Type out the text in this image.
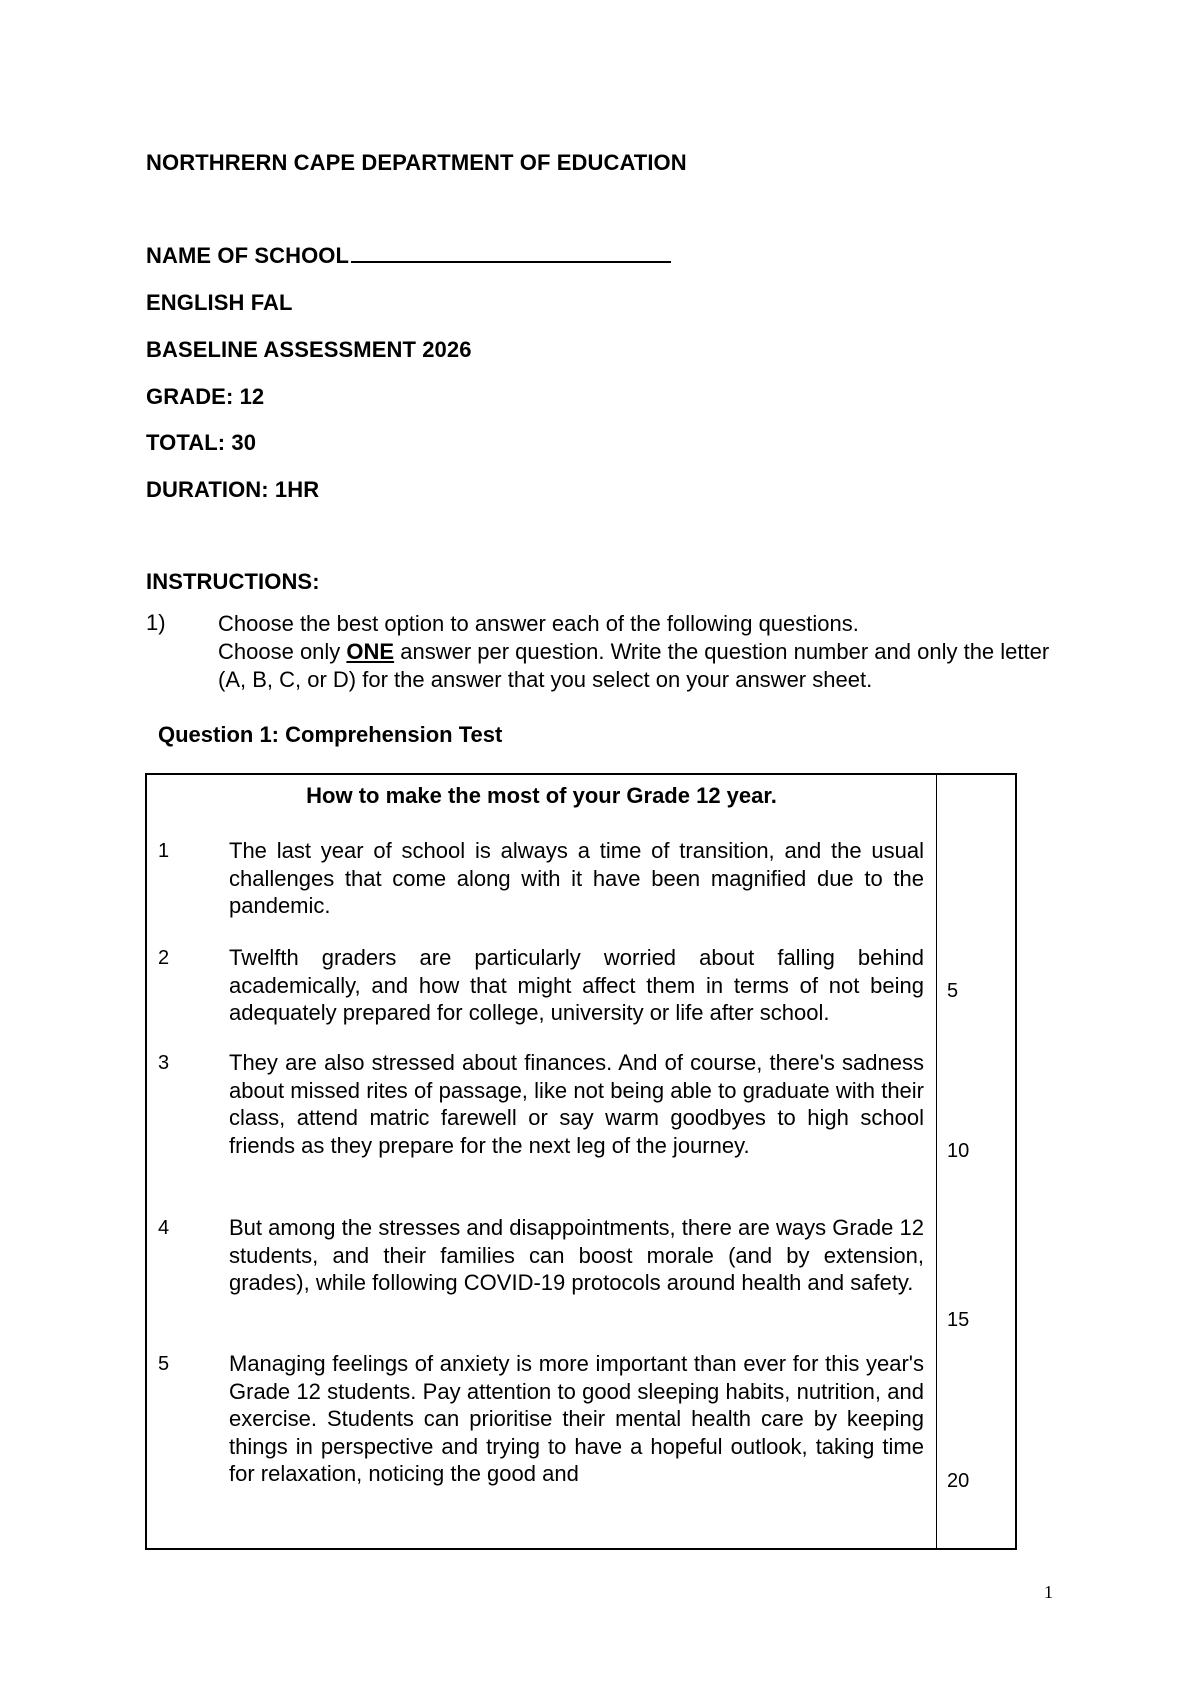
NORTHRERN CAPE DEPARTMENT OF EDUCATION
NAME OF SCHOOL
ENGLISH FAL
BASELINE ASSESSMENT 2026
GRADE: 12
TOTAL: 30
DURATION: 1HR
INSTRUCTIONS:
1) Choose the best option to answer each of the following questions.
Choose only ONE answer per question. Write the question number and only the letter (A, B, C, or D) for the answer that you select on your answer sheet.
Question 1: Comprehension Test
How to make the most of your Grade 12 year.
1	The last year of school is always a time of transition, and the usual challenges that come along with it have been magnified due to the pandemic.
2	Twelfth graders are particularly worried about falling behind academically, and how that might affect them in terms of not being adequately prepared for college, university or life after school.
3	They are also stressed about finances. And of course, there's sadness about missed rites of passage, like not being able to graduate with their class, attend matric farewell or say warm goodbyes to high school friends as they prepare for the next leg of the journey.
4	But among the stresses and disappointments, there are ways Grade 12 students, and their families can boost morale (and by extension, grades), while following COVID-19 protocols around health and safety.
5	Managing feelings of anxiety is more important than ever for this year's Grade 12 students. Pay attention to good sleeping habits, nutrition, and exercise. Students can prioritise their mental health care by keeping things in perspective and trying to have a hopeful outlook, taking time for relaxation, noticing the good and
5
10
15
20
1
